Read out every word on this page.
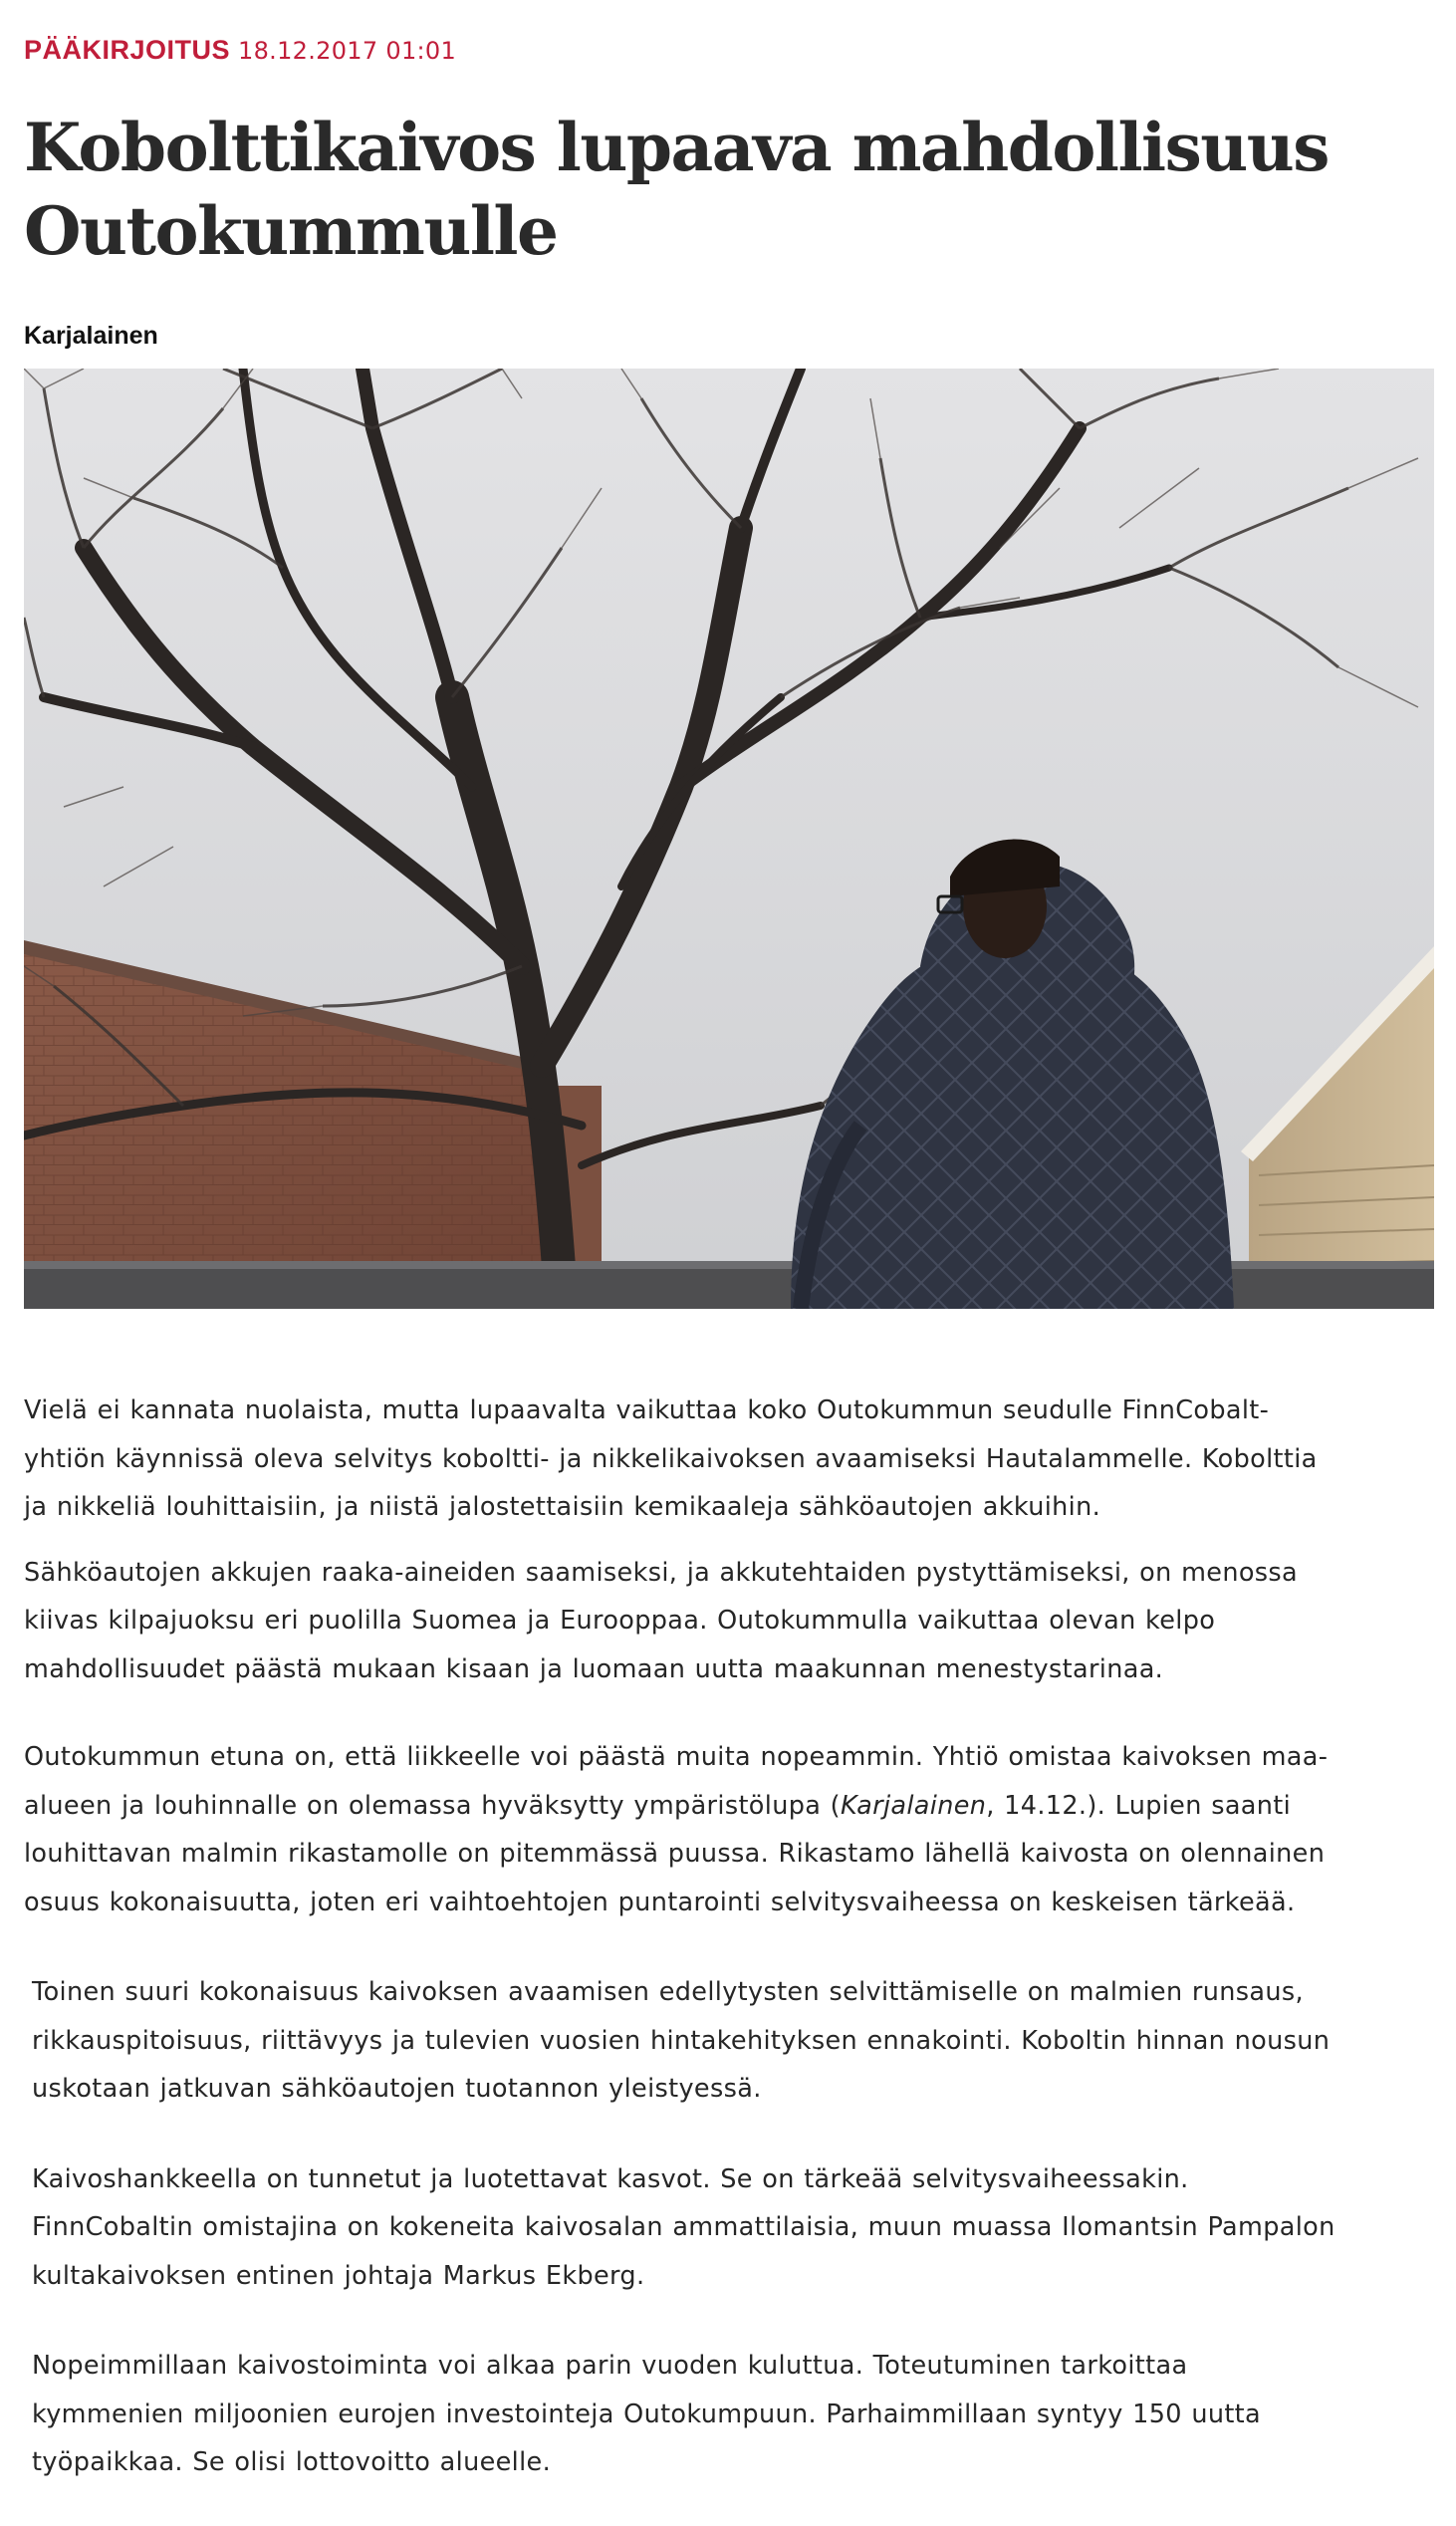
PÄÄKIRJOITUS 18.12.2017 01:01
Kobolttikaivos lupaava mahdollisuus
Outokummulle
Karjalainen

Vielä ei kannata nuolaista, mutta lupaavalta vaikuttaa koko Outokummun seudulle FinnCobalt-
yhtiön käynnissä oleva selvitys koboltti- ja nikkelikaivoksen avaamiseksi Hautalammelle. Kobolttia
ja nikkeliä louhittaisiin, ja niistä jalostettaisiin kemikaaleja sähköautojen akkuihin.

Sähköautojen akkujen raaka-aineiden saamiseksi, ja akkutehtaiden pystyttämiseksi, on menossa
kiivas kilpajuoksu eri puolilla Suomea ja Eurooppaa. Outokummulla vaikuttaa olevan kelpo
mahdollisuudet päästä mukaan kisaan ja luomaan uutta maakunnan menestystarinaa.

Outokummun etuna on, että liikkeelle voi päästä muita nopeammin. Yhtiö omistaa kaivoksen maa-
alueen ja louhinnalle on olemassa hyväksytty ympäristölupa (Karjalainen, 14.12.). Lupien saanti
louhittavan malmin rikastamolle on pitemmässä puussa. Rikastamo lähellä kaivosta on olennainen
osuus kokonaisuutta, joten eri vaihtoehtojen puntarointi selvitysvaiheessa on keskeisen tärkeää.

Toinen suuri kokonaisuus kaivoksen avaamisen edellytysten selvittämiselle on malmien runsaus,
rikkauspitoisuus, riittävyys ja tulevien vuosien hintakehityksen ennakointi. Koboltin hinnan nousun
uskotaan jatkuvan sähköautojen tuotannon yleistyessä.

Kaivoshankkeella on tunnetut ja luotettavat kasvot. Se on tärkeää selvitysvaiheessakin.
FinnCobaltin omistajina on kokeneita kaivosalan ammattilaisia, muun muassa Ilomantsin Pampalon
kultakaivoksen entinen johtaja Markus Ekberg.

Nopeimmillaan kaivostoiminta voi alkaa parin vuoden kuluttua. Toteutuminen tarkoittaa
kymmenien miljoonien eurojen investointeja Outokumpuun. Parhaimmillaan syntyy 150 uutta
työpaikkaa. Se olisi lottovoitto alueelle.
